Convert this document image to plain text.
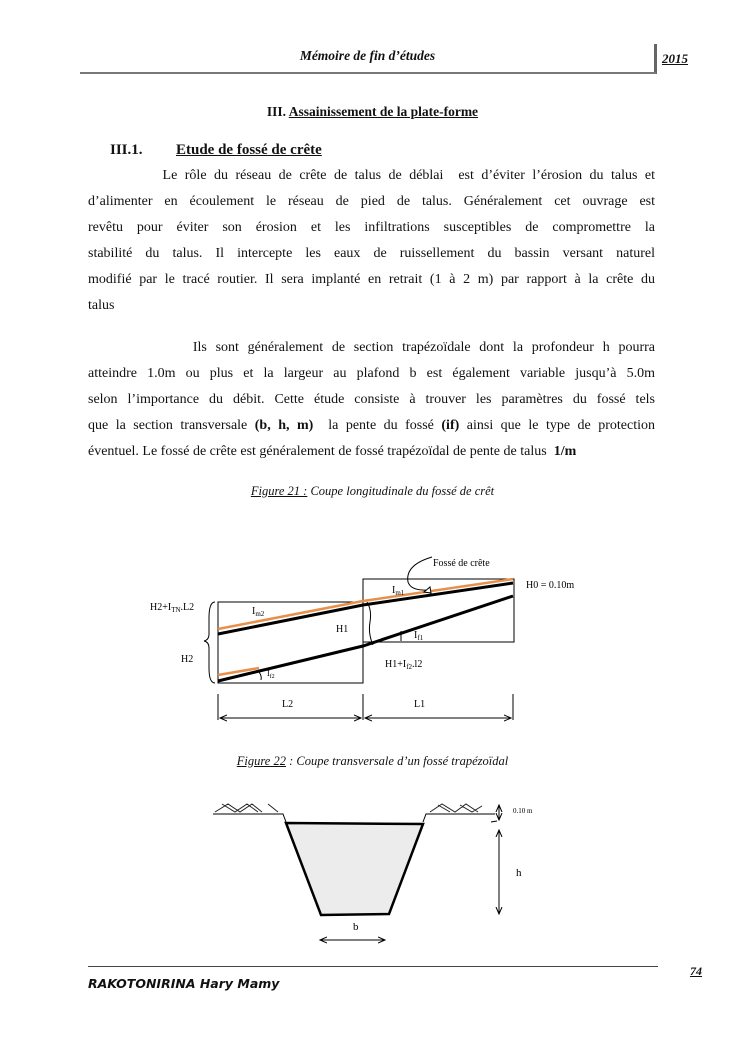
Mémoire de fin d’études	2015
III. Assainissement de la plate-forme
III.1. Etude de fossé de crête
Le rôle du réseau de crête de talus de déblai  est d’éviter l’érosion du talus et
d’alimenter en écoulement le réseau de pied de talus. Généralement cet ouvrage est
revêtu pour éviter son érosion et les infiltrations susceptibles de compromettre la
stabilité du talus. Il intercepte les eaux de ruissellement du bassin versant naturel
modifié par le tracé routier. Il sera implanté en retrait (1 à 2 m) par rapport à la crête du
talus
Ils sont généralement de section trapézoïdale dont la profondeur h pourra
atteindre 1.0m ou plus et la largeur au plafond b est également variable jusqu’à 5.0m
selon l’importance du débit. Cette étude consiste à trouver les paramètres du fossé tels
que la section transversale (b, h, m)  la pente du fossé (if) ainsi que le type de protection
éventuel. Le fossé de crête est généralement de fossé trapézoïdal de pente de talus  1/m
Figure 21 : Coupe longitudinale du fossé de crêt
Fossé de crête
H0 = 0.10m
$H2+I_{TN}.L2$
H2
H1
$I_{m2}$
$I_{m1}$
$I_{f1}$
$I_{f2}$
$H1+I_{f2}.l2$
L2	L1
0.10 m
h
b
Figure 22 : Coupe transversale d’un fossé trapézoïdal
74
RAKOTONIRINA Hary Mamy
